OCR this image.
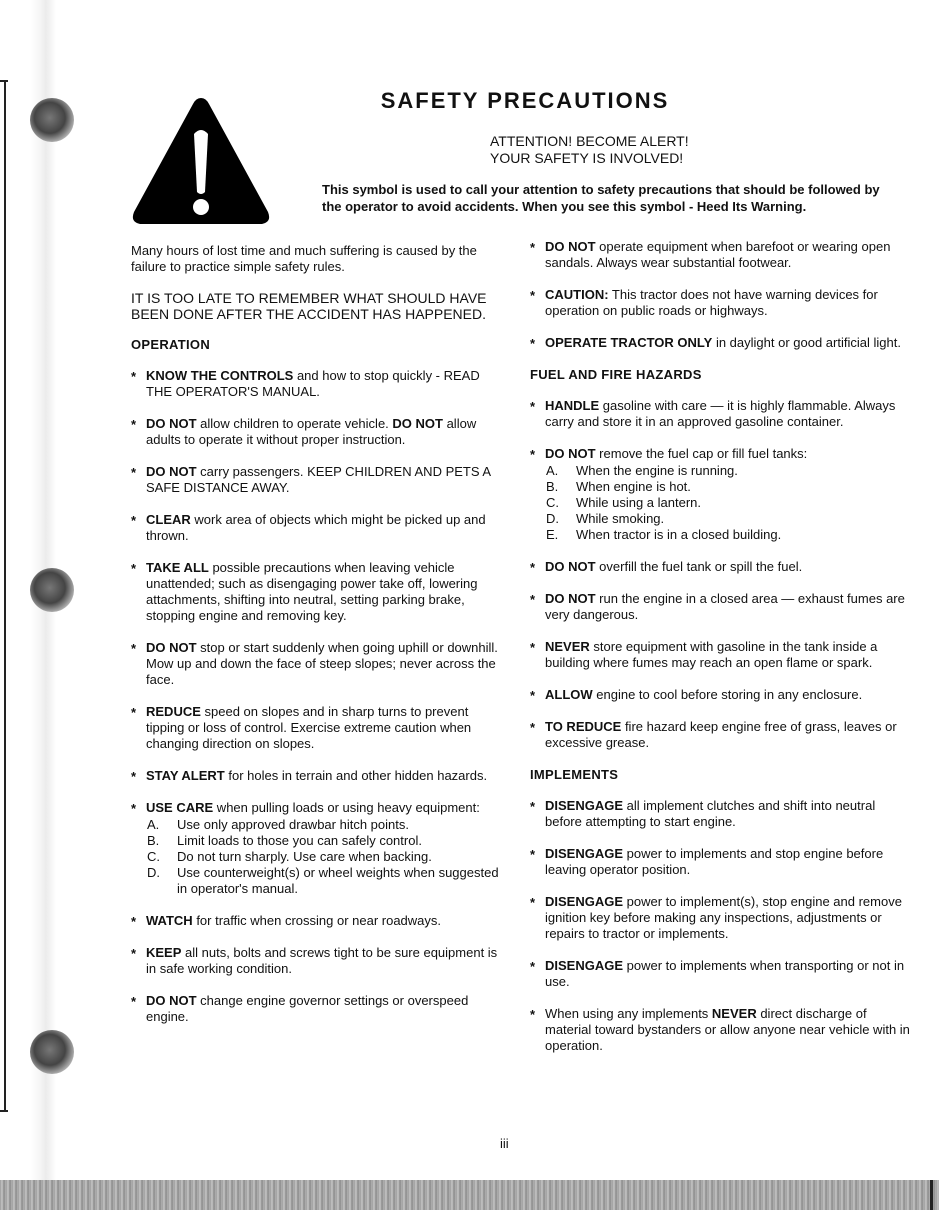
SAFETY PRECAUTIONS
ATTENTION! BECOME ALERT!
YOUR SAFETY IS INVOLVED!
This symbol is used to call your attention to safety precautions that should be followed by the operator to avoid accidents. When you see this symbol - Heed Its Warning.

Many hours of lost time and much suffering is caused by the failure to practice simple safety rules.

IT IS TOO LATE TO REMEMBER WHAT SHOULD HAVE BEEN DONE AFTER THE ACCIDENT HAS HAPPENED.

OPERATION
* KNOW THE CONTROLS and how to stop quickly - READ THE OPERATOR'S MANUAL.
* DO NOT allow children to operate vehicle. DO NOT allow adults to operate it without proper instruction.
* DO NOT carry passengers. KEEP CHILDREN AND PETS A SAFE DISTANCE AWAY.
* CLEAR work area of objects which might be picked up and thrown.
* TAKE ALL possible precautions when leaving vehicle unattended; such as disengaging power take off, lowering attachments, shifting into neutral, setting parking brake, stopping engine and removing key.
* DO NOT stop or start suddenly when going uphill or downhill. Mow up and down the face of steep slopes; never across the face.
* REDUCE speed on slopes and in sharp turns to prevent tipping or loss of control. Exercise extreme caution when changing direction on slopes.
* STAY ALERT for holes in terrain and other hidden hazards.
* USE CARE when pulling loads or using heavy equipment:
A. Use only approved drawbar hitch points.
B. Limit loads to those you can safely control.
C. Do not turn sharply. Use care when backing.
D. Use counterweight(s) or wheel weights when suggested in operator's manual.
* WATCH for traffic when crossing or near roadways.
* KEEP all nuts, bolts and screws tight to be sure equipment is in safe working condition.
* DO NOT change engine governor settings or overspeed engine.
* DO NOT operate equipment when barefoot or wearing open sandals. Always wear substantial footwear.
* CAUTION: This tractor does not have warning devices for operation on public roads or highways.
* OPERATE TRACTOR ONLY in daylight or good artificial light.
FUEL AND FIRE HAZARDS
* HANDLE gasoline with care — it is highly flammable. Always carry and store it in an approved gasoline container.
* DO NOT remove the fuel cap or fill fuel tanks:
A. When the engine is running.
B. When engine is hot.
C. While using a lantern.
D. While smoking.
E. When tractor is in a closed building.
* DO NOT overfill the fuel tank or spill the fuel.
* DO NOT run the engine in a closed area — exhaust fumes are very dangerous.
* NEVER store equipment with gasoline in the tank inside a building where fumes may reach an open flame or spark.
* ALLOW engine to cool before storing in any enclosure.
* TO REDUCE fire hazard keep engine free of grass, leaves or excessive grease.
IMPLEMENTS
* DISENGAGE all implement clutches and shift into neutral before attempting to start engine.
* DISENGAGE power to implements and stop engine before leaving operator position.
* DISENGAGE power to implement(s), stop engine and remove ignition key before making any inspections, adjustments or repairs to tractor or implements.
* DISENGAGE power to implements when transporting or not in use.
* When using any implements NEVER direct discharge of material toward bystanders or allow anyone near vehicle with in operation.
iii
